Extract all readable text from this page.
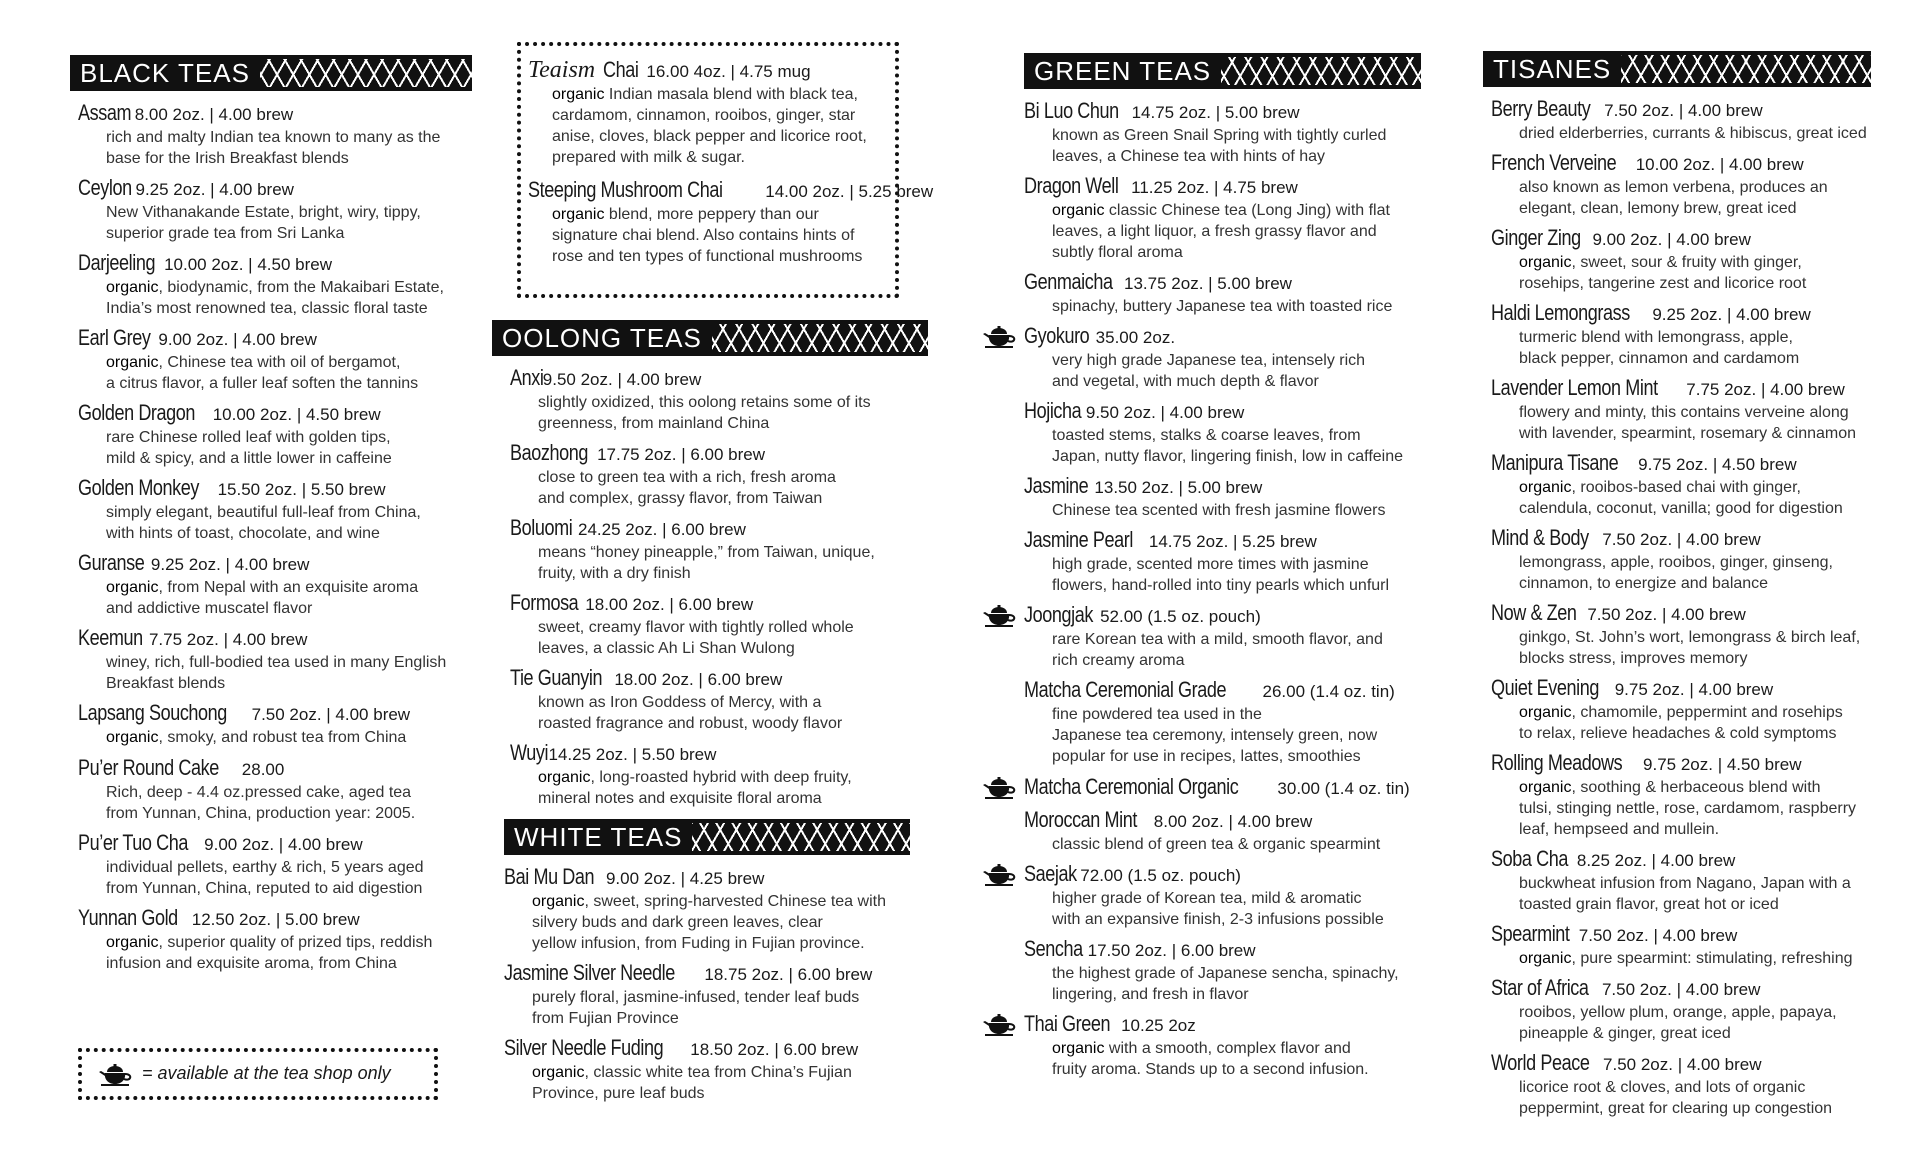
BLACK TEAS
Assam 8.00 2oz. | 4.00 brew
rich and malty Indian tea known to many as the
base for the Irish Breakfast blends
Ceylon 9.25 2oz. | 4.00 brew
New Vithanakande Estate, bright, wiry, tippy,
superior grade tea from Sri Lanka
Darjeeling 10.00 2oz. | 4.50 brew
organic, biodynamic, from the Makaibari Estate,
India’s most renowned tea, classic floral taste
Earl Grey 9.00 2oz. | 4.00 brew
organic, Chinese tea with oil of bergamot,
a citrus flavor, a fuller leaf soften the tannins
Golden Dragon 10.00 2oz. | 4.50 brew
rare Chinese rolled leaf with golden tips,
mild & spicy, and a little lower in caffeine
Golden Monkey 15.50 2oz. | 5.50 brew
simply elegant, beautiful full-leaf from China,
with hints of toast, chocolate, and wine
Guranse 9.25 2oz. | 4.00 brew
organic, from Nepal with an exquisite aroma
and addictive muscatel flavor
Keemun 7.75 2oz. | 4.00 brew
winey, rich, full-bodied tea used in many English
Breakfast blends
Lapsang Souchong 7.50 2oz. | 4.00 brew
organic, smoky, and robust tea from China
Pu’er Round Cake 28.00
Rich, deep - 4.4 oz.pressed cake, aged tea
from Yunnan, China, production year: 2005.
Pu’er Tuo Cha 9.00 2oz. | 4.00 brew
individual pellets, earthy & rich, 5 years aged
from Yunnan, China, reputed to aid digestion
Yunnan Gold 12.50 2oz. | 5.00 brew
organic, superior quality of prized tips, reddish
infusion and exquisite aroma, from China
= available at the tea shop only
Teaism Chai 16.00 4oz. | 4.75 mug
organic Indian masala blend with black tea,
cardamom, cinnamon, rooibos, ginger, star
anise, cloves, black pepper and licorice root,
prepared with milk & sugar.
Steeping Mushroom Chai	14.00 2oz. | 5.25 brew
organic blend, more peppery than our
signature chai blend. Also contains hints of
rose and ten types of functional mushrooms
OOLONG TEAS
Anxi9.50 2oz. | 4.00 brew
slightly oxidized, this oolong retains some of its
greenness, from mainland China
Baozhong 17.75 2oz. | 6.00 brew
close to green tea with a rich, fresh aroma
and complex, grassy flavor, from Taiwan
Boluomi 24.25 2oz. | 6.00 brew
means “honey pineapple,” from Taiwan, unique,
fruity, with a dry finish
Formosa 18.00 2oz. | 6.00 brew
sweet, creamy flavor with tightly rolled whole
leaves, a classic Ah Li Shan Wulong
Tie Guanyin 18.00 2oz. | 6.00 brew
known as Iron Goddess of Mercy, with a
roasted fragrance and robust, woody flavor
Wuyi14.25 2oz. | 5.50 brew
organic, long-roasted hybrid with deep fruity,
mineral notes and exquisite floral aroma
WHITE TEAS
Bai Mu Dan 9.00 2oz. | 4.25 brew
organic, sweet, spring-harvested Chinese tea with
silvery buds and dark green leaves, clear
yellow infusion, from Fuding in Fujian province.
Jasmine Silver Needle 18.75 2oz. | 6.00 brew
purely floral, jasmine-infused, tender leaf buds
from Fujian Province
Silver Needle Fuding 18.50 2oz. | 6.00 brew
organic, classic white tea from China’s Fujian
Province, pure leaf buds
GREEN TEAS
Bi Luo Chun 14.75 2oz. | 5.00 brew
known as Green Snail Spring with tightly curled
leaves, a Chinese tea with hints of hay
Dragon Well 11.25 2oz. | 4.75 brew
organic classic Chinese tea (Long Jing) with flat
leaves, a light liquor, a fresh grassy flavor and
subtly floral aroma
Genmaicha 13.75 2oz. | 5.00 brew
spinachy, buttery Japanese tea with toasted rice
Gyokuro 35.00 2oz.
very high grade Japanese tea, intensely rich
and vegetal, with much depth & flavor
Hojicha 9.50 2oz. | 4.00 brew
toasted stems, stalks & coarse leaves, from
Japan, nutty flavor, lingering finish, low in caffeine
Jasmine 13.50 2oz. | 5.00 brew
Chinese tea scented with fresh jasmine flowers
Jasmine Pearl 14.75 2oz. | 5.25 brew
high grade, scented more times with jasmine
flowers, hand-rolled into tiny pearls which unfurl
Joongjak 52.00 (1.5 oz. pouch)
rare Korean tea with a mild, smooth flavor, and
rich creamy aroma
Matcha Ceremonial Grade 26.00 (1.4 oz. tin)
fine powdered tea used in the
Japanese tea ceremony, intensely green, now
popular for use in recipes, lattes, smoothies
Matcha Ceremonial Organic 30.00 (1.4 oz. tin)
Moroccan Mint 8.00 2oz. | 4.00 brew
classic blend of green tea & organic spearmint
Saejak 72.00 (1.5 oz. pouch)
higher grade of Korean tea, mild & aromatic
with an expansive finish, 2-3 infusions possible
Sencha 17.50 2oz. | 6.00 brew
the highest grade of Japanese sencha, spinachy,
lingering, and fresh in flavor
Thai Green 10.25 2oz
organic with a smooth, complex flavor and
fruity aroma. Stands up to a second infusion.
TISANES
Berry Beauty 7.50 2oz. | 4.00 brew
dried elderberries, currants & hibiscus, great iced
French Verveine 10.00 2oz. | 4.00 brew
also known as lemon verbena, produces an
elegant, clean, lemony brew, great iced
Ginger Zing 9.00 2oz. | 4.00 brew
organic, sweet, sour & fruity with ginger,
rosehips, tangerine zest and licorice root
Haldi Lemongrass 9.25 2oz. | 4.00 brew
turmeric blend with lemongrass, apple,
black pepper, cinnamon and cardamom
Lavender Lemon Mint 7.75 2oz. | 4.00 brew
flowery and minty, this contains verveine along
with lavender, spearmint, rosemary & cinnamon
Manipura Tisane 9.75 2oz. | 4.50 brew
organic, rooibos-based chai with ginger,
calendula, coconut, vanilla; good for digestion
Mind & Body 7.50 2oz. | 4.00 brew
lemongrass, apple, rooibos, ginger, ginseng,
cinnamon, to energize and balance
Now & Zen 7.50 2oz. | 4.00 brew
ginkgo, St. John’s wort, lemongrass & birch leaf,
blocks stress, improves memory
Quiet Evening 9.75 2oz. | 4.00 brew
organic, chamomile, peppermint and rosehips
to relax, relieve headaches & cold symptoms
Rolling Meadows 9.75 2oz. | 4.50 brew
organic, soothing & herbaceous blend with
tulsi, stinging nettle, rose, cardamom, raspberry
leaf, hempseed and mullein.
Soba Cha 8.25 2oz. | 4.00 brew
buckwheat infusion from Nagano, Japan with a
toasted grain flavor, great hot or iced
Spearmint 7.50 2oz. | 4.00 brew
organic, pure spearmint: stimulating, refreshing
Star of Africa 7.50 2oz. | 4.00 brew
rooibos, yellow plum, orange, apple, papaya,
pineapple & ginger, great iced
World Peace 7.50 2oz. | 4.00 brew
licorice root & cloves, and lots of organic
peppermint, great for clearing up congestion
